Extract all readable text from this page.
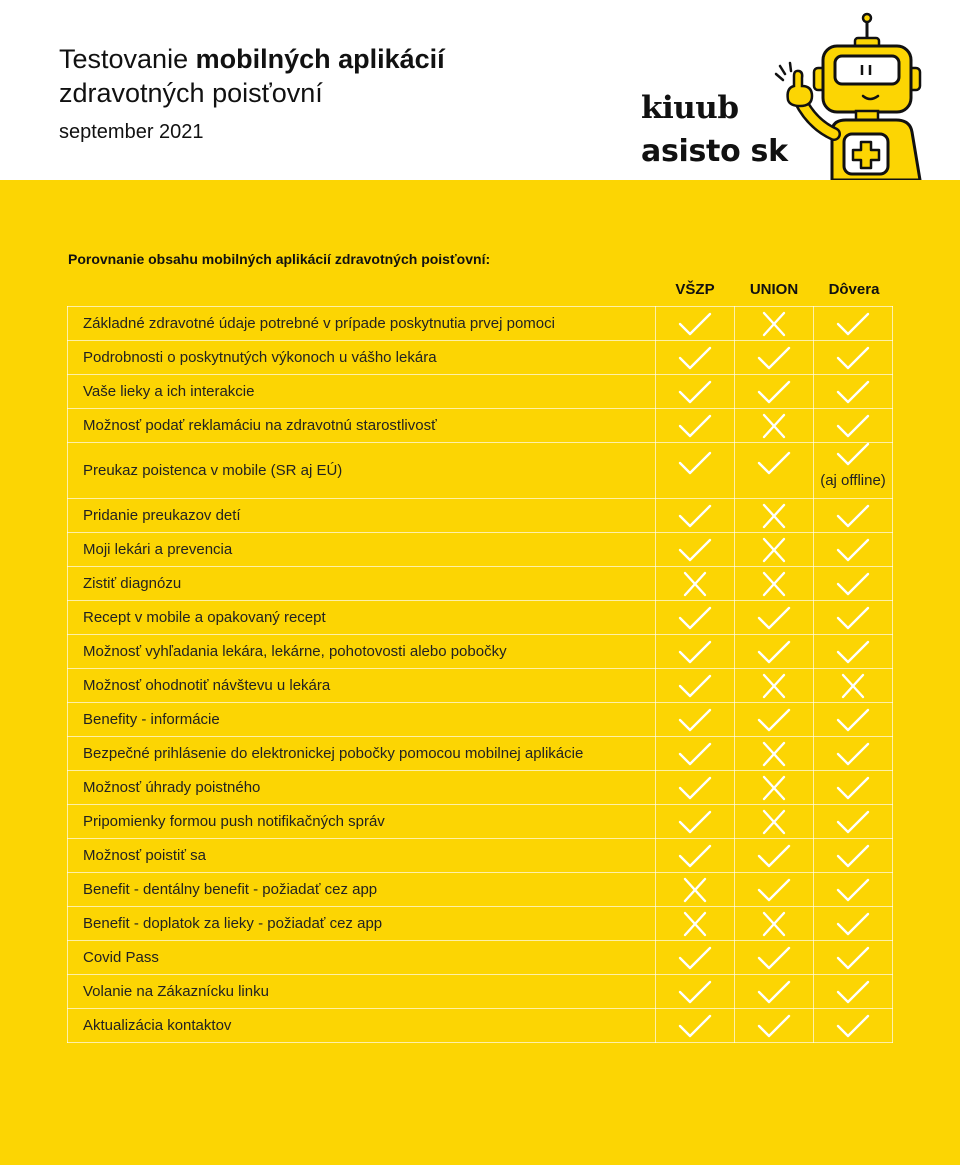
Testovanie mobilných aplikácií
zdravotných poisťovní
september 2021
kiuub
asisto sk
Porovnanie obsahu mobilných aplikácií zdravotných poisťovní:
VŠZP	UNION	Dôvera
Základné zdravotné údaje potrebné v prípade poskytnutia prvej pomoci			
Podrobnosti o poskytnutých výkonoch u vášho lekára			
Vaše lieky a ich interakcie			
Možnosť podať reklamáciu na zdravotnú starostlivosť			
Preukaz poistenca v mobile (SR aj EÚ)			(aj offline)

Pridanie preukazov detí			
Moji lekári a prevencia			
Zistiť diagnózu			
Recept v mobile a opakovaný recept			
Možnosť vyhľadania lekára, lekárne, pohotovosti alebo pobočky			
Možnosť ohodnotiť návštevu u lekára			
Benefity - informácie			
Bezpečné prihlásenie do elektronickej pobočky pomocou mobilnej aplikácie			
Možnosť úhrady poistného			
Pripomienky formou push notifikačných správ			
Možnosť poistiť sa			
Benefit - dentálny benefit - požiadať cez app			
Benefit - doplatok za lieky - požiadať cez app			
Covid Pass			
Volanie na Zákaznícku linku			
Aktualizácia kontaktov			
